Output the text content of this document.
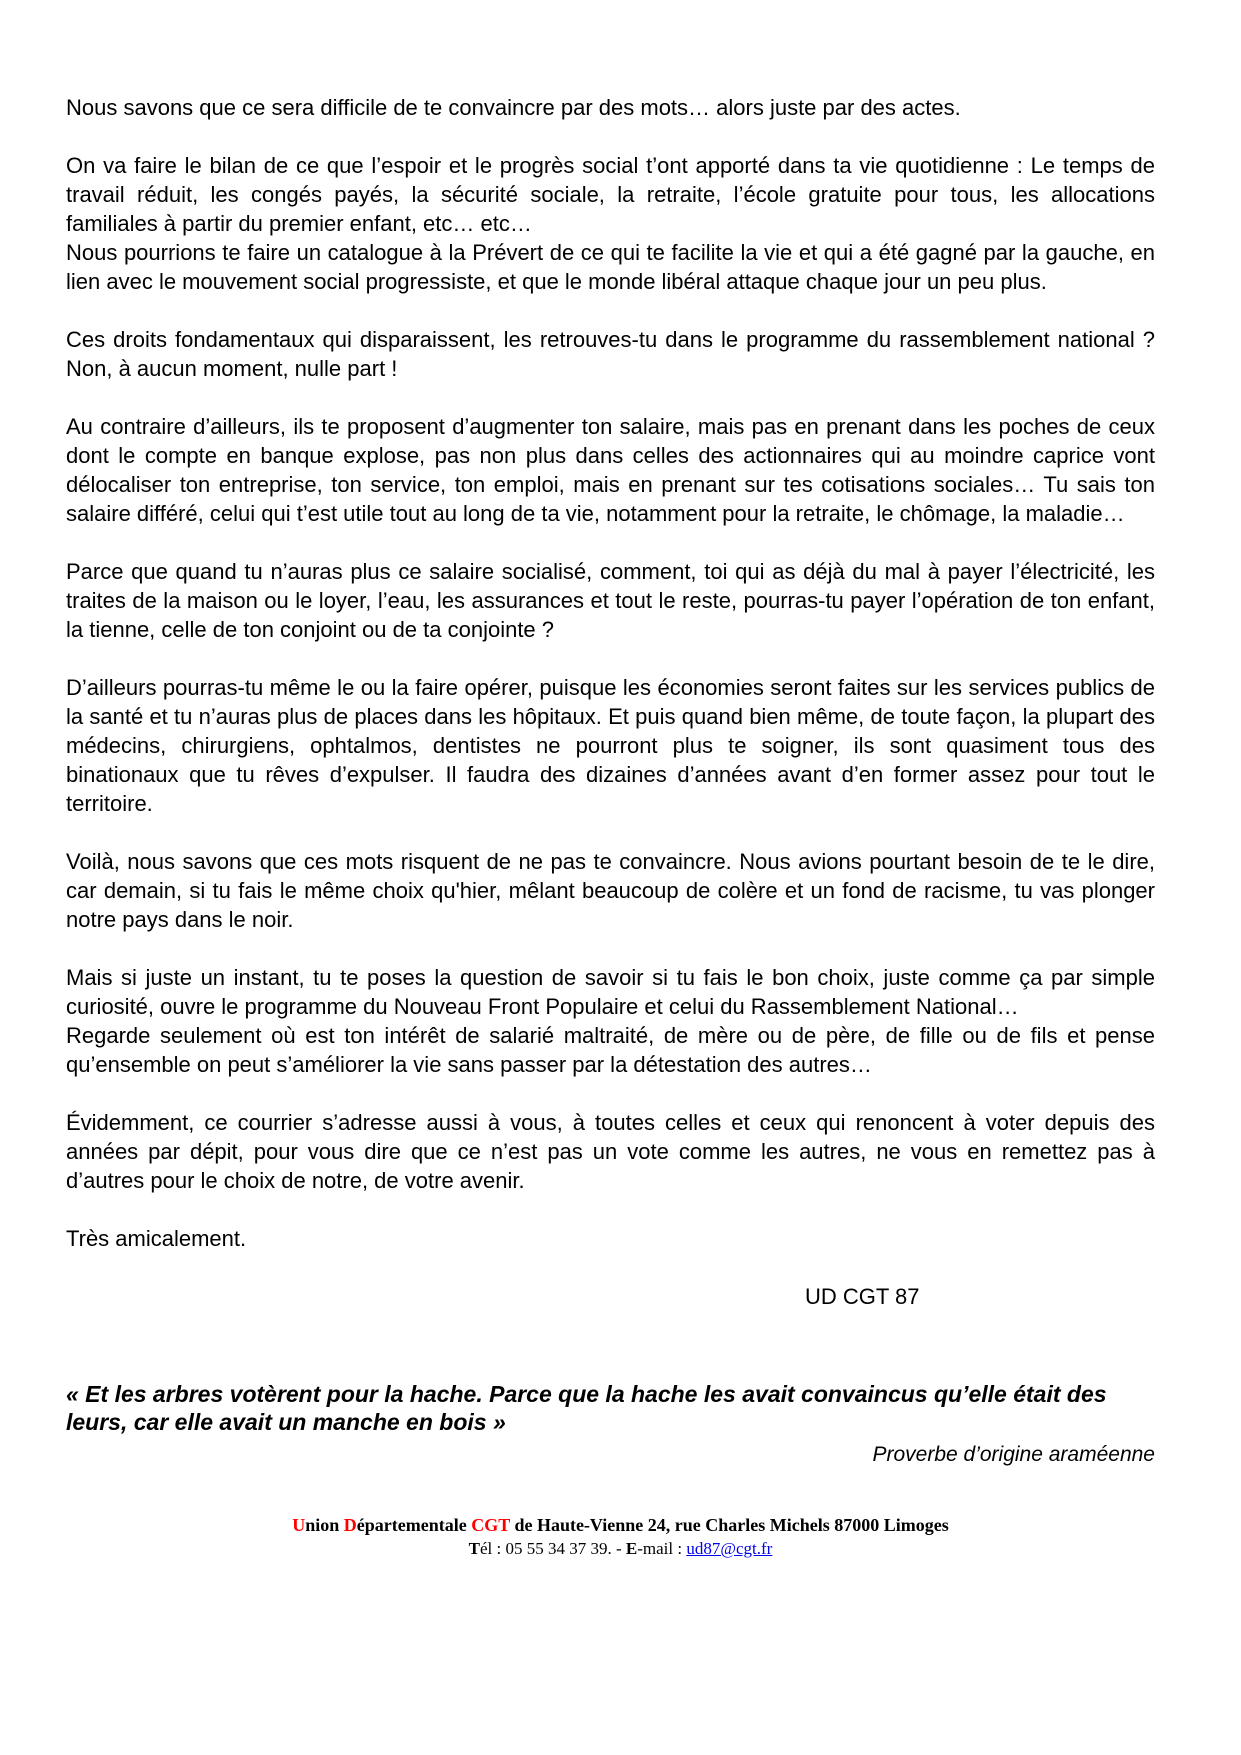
Nous savons que ce sera difficile de te convaincre par des mots… alors juste par des actes.

On va faire le bilan de ce que l’espoir et le progrès social t’ont apporté dans ta vie quotidienne : Le temps de travail réduit, les congés payés, la sécurité sociale, la retraite, l’école gratuite pour tous, les allocations familiales à partir du premier enfant, etc… etc…

Nous pourrions te faire un catalogue à la Prévert de ce qui te facilite la vie et qui a été gagné par la gauche, en lien avec le mouvement social progressiste, et que le monde libéral attaque chaque jour un peu plus.

Ces droits fondamentaux qui disparaissent, les retrouves-tu dans le programme du rassemblement national ? Non, à aucun moment, nulle part !

Au contraire d’ailleurs, ils te proposent d’augmenter ton salaire, mais pas en prenant dans les poches de ceux dont le compte en banque explose, pas non plus dans celles des actionnaires qui au moindre caprice vont délocaliser ton entreprise, ton service, ton emploi, mais en prenant sur tes cotisations sociales… Tu sais ton salaire différé, celui qui t’est utile tout au long de ta vie, notamment pour la retraite, le chômage, la maladie…

Parce que quand tu n’auras plus ce salaire socialisé, comment, toi qui as déjà du mal à payer l’électricité, les traites de la maison ou le loyer, l’eau, les assurances et tout le reste, pourras-tu payer l’opération de ton enfant, la tienne, celle de ton conjoint ou de ta conjointe ?

D’ailleurs pourras-tu même le ou la faire opérer, puisque les économies seront faites sur les services publics de la santé et tu n’auras plus de places dans les hôpitaux. Et puis quand bien même, de toute façon, la plupart des médecins, chirurgiens, ophtalmos, dentistes ne pourront plus te soigner, ils sont quasiment tous des binationaux que tu rêves d’expulser. Il faudra des dizaines d’années avant d’en former assez pour tout le territoire.

Voilà, nous savons que ces mots risquent de ne pas te convaincre. Nous avions pourtant besoin de te le dire, car demain, si tu fais le même choix qu'hier, mêlant beaucoup de colère et un fond de racisme, tu vas plonger notre pays dans le noir.

Mais si juste un instant, tu te poses la question de savoir si tu fais le bon choix, juste comme ça par simple curiosité, ouvre le programme du Nouveau Front Populaire et celui du Rassemblement National…

Regarde seulement où est ton intérêt de salarié maltraité, de mère ou de père, de fille ou de fils et pense qu’ensemble on peut s’améliorer la vie sans passer par la détestation des autres…

Évidemment, ce courrier s’adresse aussi à vous, à toutes celles et ceux qui renoncent à voter depuis des années par dépit, pour vous dire que ce n’est pas un vote comme les autres, ne vous en remettez pas à d’autres pour le choix de notre, de votre avenir.

Très amicalement.

UD CGT 87

« Et les arbres votèrent pour la hache. Parce que la hache les avait convaincus qu’elle était des leurs, car elle avait un manche en bois »

Proverbe d’origine araméenne

Union Départementale CGT de Haute-Vienne 24, rue Charles Michels 87000 Limoges
Tél : 05 55 34 37 39. - E-mail : ud87@cgt.fr
